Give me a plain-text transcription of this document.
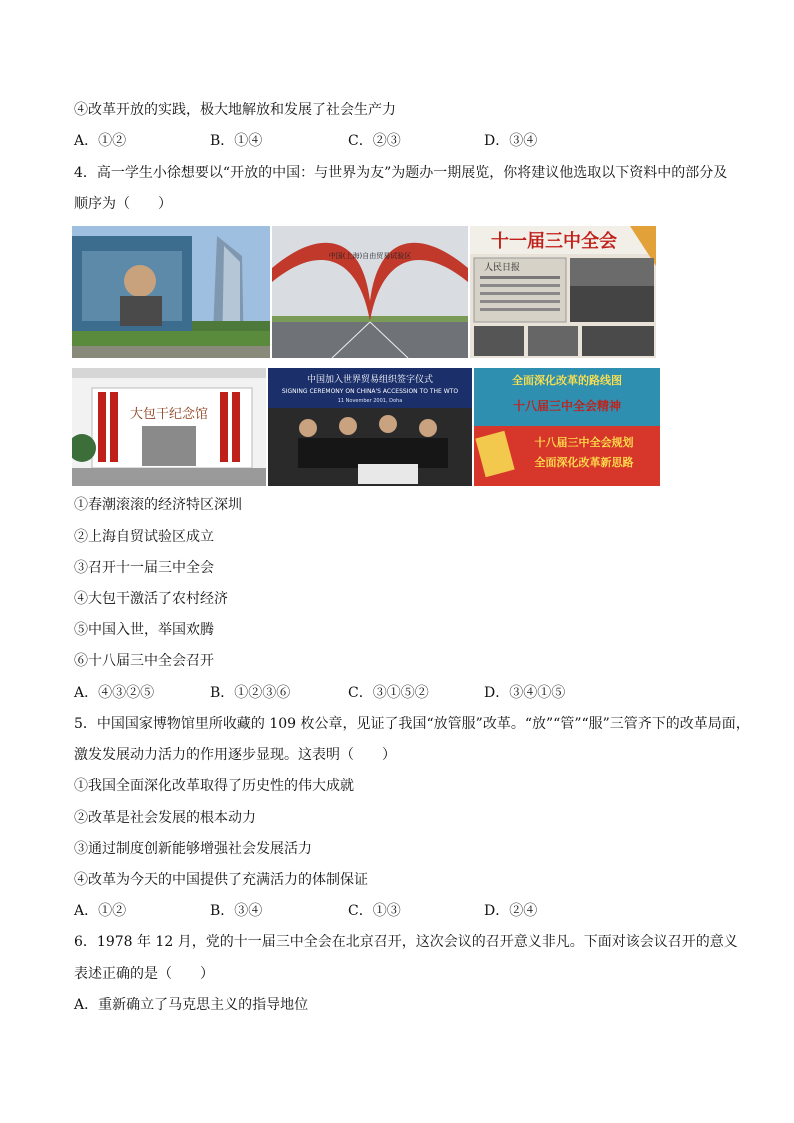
④改革开放的实践，极大地解放和发展了社会生产力
A．①②	B．①④	C．②③	D．③④
4．高一学生小徐想要以“开放的中国：与世界为友”为题办一期展览，你将建议他选取以下资料中的部分及
顺序为（　　）
中国(上海)自由贸易试验区
十一届三中全会
人民日报
大包干纪念馆
中国加入世界贸易组织签字仪式
SIGNING CEREMONY ON CHINA'S ACCESSION TO THE WTO
11 November 2001, Doha
全面深化改革的路线图
十八届三中全会精神
十八届三中全会规划
全面深化改革新思路
①春潮滚滚的经济特区深圳
②上海自贸试验区成立
③召开十一届三中全会
④大包干激活了农村经济
⑤中国入世，举国欢腾
⑥十八届三中全会召开
A．④③②⑤	B．①②③⑥	C．③①⑤②	D．③④①⑤
5．中国国家博物馆里所收藏的 109 枚公章，见证了我国“放管服”改革。“放”“管”“服”三管齐下的改革局面，
激发发展动力活力的作用逐步显现。这表明（　　）
①我国全面深化改革取得了历史性的伟大成就
②改革是社会发展的根本动力
③通过制度创新能够增强社会发展活力
④改革为今天的中国提供了充满活力的体制保证
A．①②	B．③④	C．①③	D．②④
6．1978 年 12 月，党的十一届三中全会在北京召开，这次会议的召开意义非凡。下面对该会议召开的意义
表述正确的是（　　）
A．重新确立了马克思主义的指导地位
